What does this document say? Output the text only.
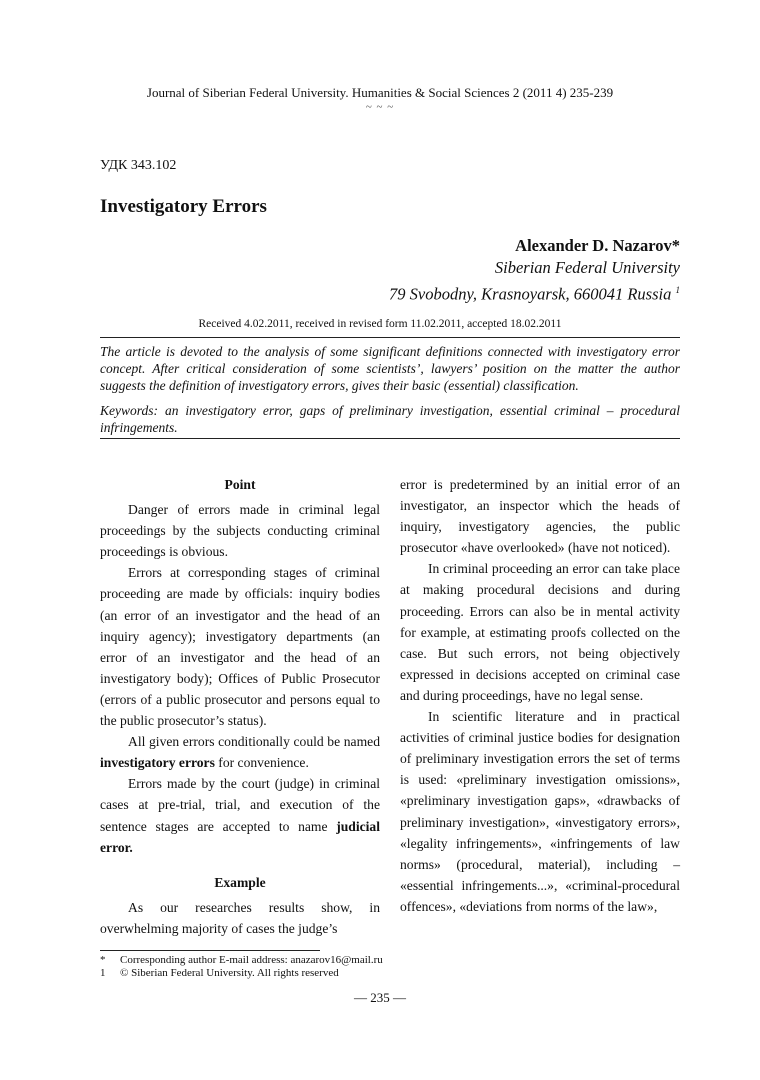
Journal of Siberian Federal University. Humanities & Social Sciences 2 (2011 4) 235-239
~ ~ ~
УДК 343.102
Investigatory Errors
Alexander D. Nazarov*
Siberian Federal University
79 Svobodny, Krasnoyarsk, 660041 Russia $^1$
Received 4.02.2011, received in revised form 11.02.2011, accepted 18.02.2011
The article is devoted to the analysis of some significant definitions connected with investigatory error concept. After critical consideration of some scientists’, lawyers’ position on the matter the author suggests the definition of investigatory errors, gives their basic (essential) classification.
Keywords: an investigatory error, gaps of preliminary investigation, essential criminal – procedural infringements.
Point

Danger of errors made in criminal legal proceedings by the subjects conducting criminal proceedings is obvious.

Errors at corresponding stages of criminal proceeding are made by officials: inquiry bodies (an error of an investigator and the head of an inquiry agency); investigatory departments (an error of an investigator and the head of an investigatory body); Offices of Public Prosecutor (errors of a public prosecutor and persons equal to the public prosecutor’s status).

All given errors conditionally could be named investigatory errors for convenience.

Errors made by the court (judge) in criminal cases at pre-trial, trial, and execution of the sentence stages are accepted to name judicial error.

Example

As our researches results show, in overwhelming majority of cases the judge’s

error is predetermined by an initial error of an investigator, an inspector which the heads of inquiry, investigatory agencies, the public prosecutor «have overlooked» (have not noticed).

In criminal proceeding an error can take place at making procedural decisions and during proceeding. Errors can also be in mental activity for example, at estimating proofs collected on the case. But such errors, not being objectively expressed in decisions accepted on criminal case and during proceedings, have no legal sense.

In scientific literature and in practical activities of criminal justice bodies for designation of preliminary investigation errors the set of terms is used: «preliminary investigation omissions», «preliminary investigation gaps», «drawbacks of preliminary investigation», «investigatory errors», «legality infringements», «infringements of law norms» (procedural, material), including – «essential infringements...», «criminal-procedural offences», «deviations from norms of the law»,

* Corresponding author E-mail address: anazarov16@mail.ru
1 © Siberian Federal University. All rights reserved
— 235 —
